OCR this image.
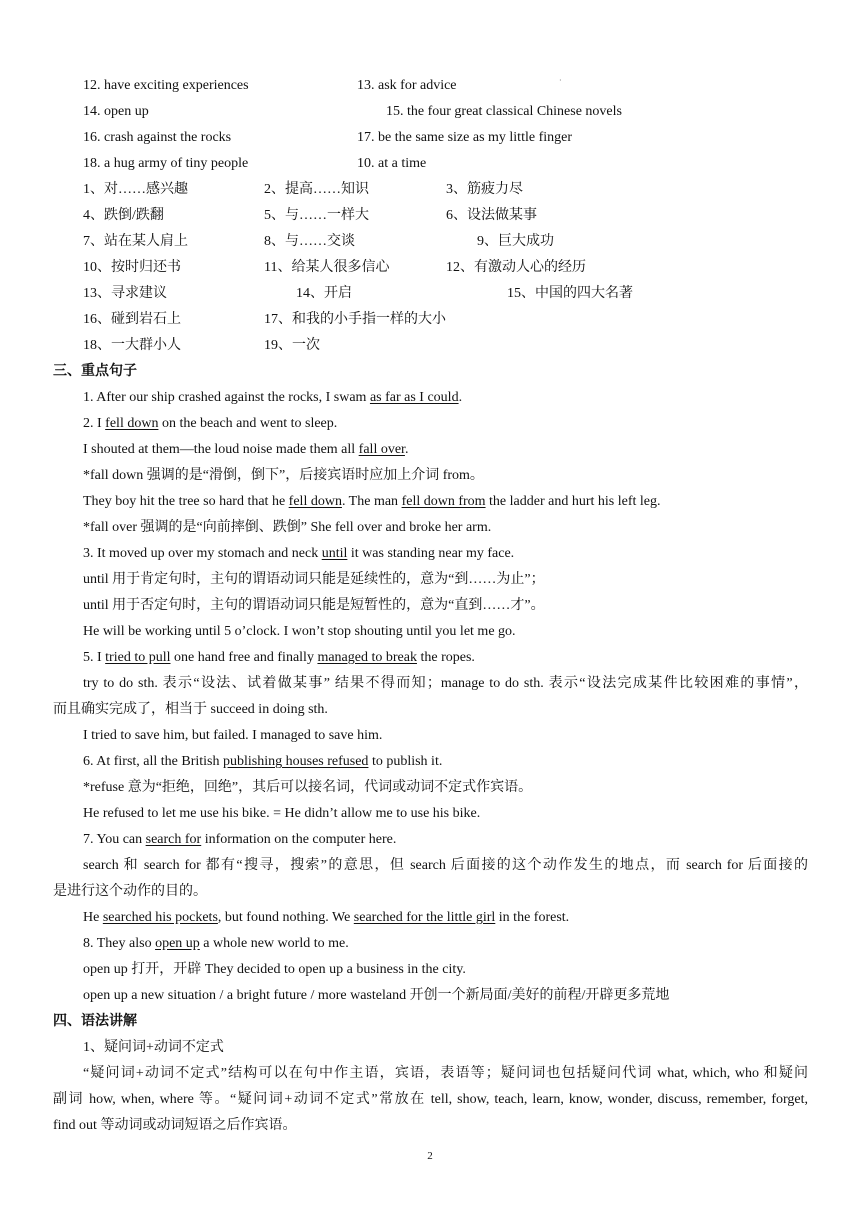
·
12. have exciting experiences	13. ask for advice
14. open up	15. the four great classical Chinese novels
16. crash against the rocks	17. be the same size as my little finger
18. a hug army of tiny people	10. at a time
1、对……感兴趣	2、提高……知识	3、筋疲力尽
4、跌倒/跌翻	5、与……一样大	6、设法做某事
7、站在某人肩上	8、与……交谈	9、巨大成功
10、按时归还书	11、给某人很多信心	12、有激动人心的经历
13、寻求建议	14、开启	15、中国的四大名著
16、碰到岩石上	17、和我的小手指一样的大小
18、一大群小人	19、一次
三、重点句子
1. After our ship crashed against the rocks, I swam as far as I could.
2. I fell down on the beach and went to sleep.
I shouted at them—the loud noise made them all fall over.
*fall down 强调的是“滑倒，倒下”，后接宾语时应加上介词 from。
They boy hit the tree so hard that he fell down. The man fell down from the ladder and hurt his left leg.
*fall over 强调的是“向前摔倒、跌倒” She fell over and broke her arm.
3. It moved up over my stomach and neck until it was standing near my face.
until 用于肯定句时，主句的谓语动词只能是延续性的，意为“到……为止”；
until 用于否定句时，主句的谓语动词只能是短暂性的，意为“直到……才”。
He will be working until 5 o’clock. I won’t stop shouting until you let me go.
5. I tried to pull one hand free and finally managed to break the ropes.
try to do sth. 表示“设法、试着做某事” 结果不得而知；manage to do sth. 表示“设法完成某件比较困难的事情”，
而且确实完成了，相当于 succeed in doing sth.
I tried to save him, but failed. I managed to save him.
6. At first, all the British publishing houses refused to publish it.
*refuse 意为“拒绝，回绝”，其后可以接名词，代词或动词不定式作宾语。
He refused to let me use his bike. = He didn’t allow me to use his bike.
7. You can search for information on the computer here.
search 和 search for 都有“搜寻，搜索”的意思，但 search 后面接的这个动作发生的地点，而 search for 后面接的
是进行这个动作的目的。
He searched his pockets, but found nothing. We searched for the little girl in the forest.
8. They also open up a whole new world to me.
open up 打开，开辟 They decided to open up a business in the city.
open up a new situation / a bright future / more wasteland 开创一个新局面/美好的前程/开辟更多荒地
四、语法讲解
1、疑问词+动词不定式
“疑问词+动词不定式”结构可以在句中作主语，宾语，表语等；疑问词也包括疑问代词 what, which, who 和疑问
副词 how, when, where 等。“疑问词+动词不定式”常放在 tell, show, teach, learn, know, wonder, discuss, remember, forget,
find out 等动词或动词短语之后作宾语。
2
